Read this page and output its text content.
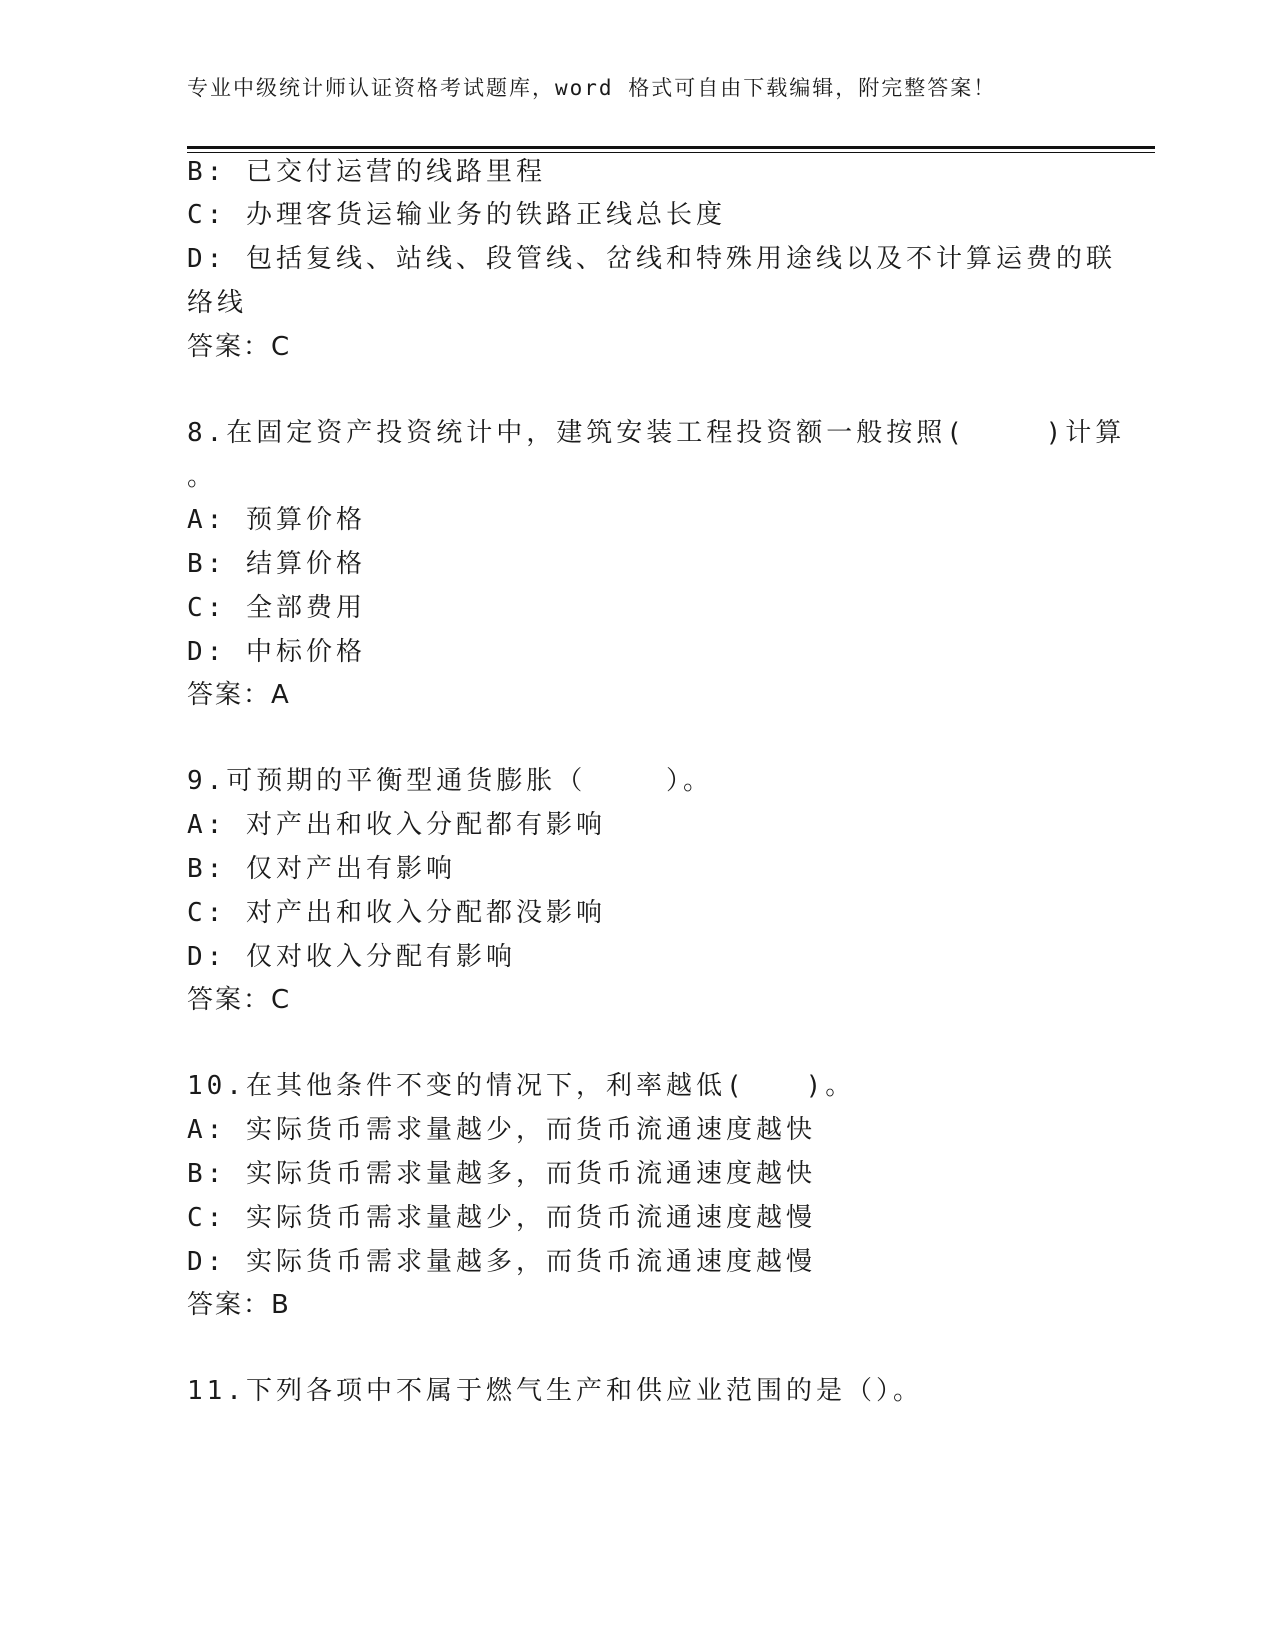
专业中级统计师认证资格考试题库，word 格式可自由下载编辑，附完整答案！
B: 已交付运营的线路里程
C: 办理客货运输业务的铁路正线总长度
D: 包括复线、站线、段管线、岔线和特殊用途线以及不计算运费的联
络线
答案：C
8.在固定资产投资统计中，建筑安装工程投资额一般按照(　　 )计算
。
A: 预算价格
B: 结算价格
C: 全部费用
D: 中标价格
答案：A
9.可预期的平衡型通货膨胀（　　 ）。
A: 对产出和收入分配都有影响
B: 仅对产出有影响
C: 对产出和收入分配都没影响
D: 仅对收入分配有影响
答案：C
10.在其他条件不变的情况下，利率越低(　　)。
A: 实际货币需求量越少，而货币流通速度越快
B: 实际货币需求量越多，而货币流通速度越快
C: 实际货币需求量越少，而货币流通速度越慢
D: 实际货币需求量越多，而货币流通速度越慢
答案：B
11.下列各项中不属于燃气生产和供应业范围的是（）。
